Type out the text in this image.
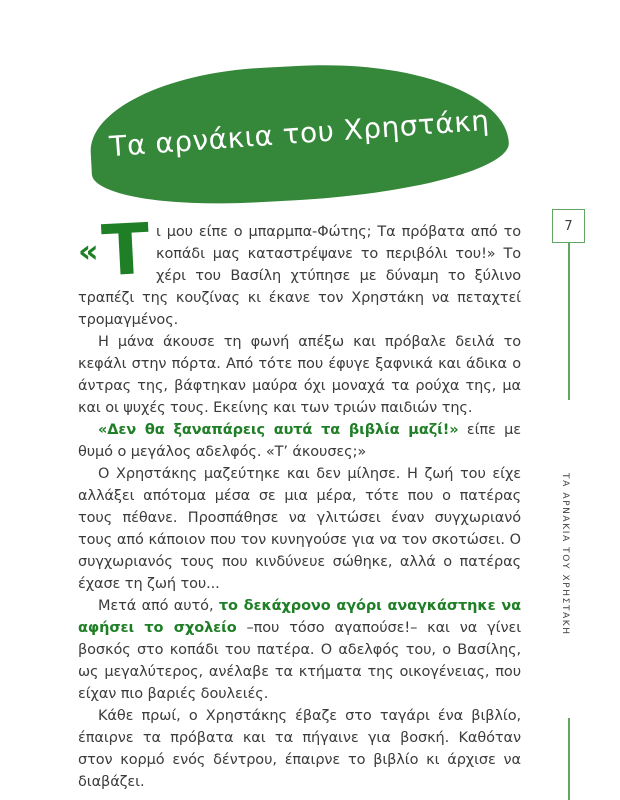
Τα αρνάκια του Χρηστάκη

« Τ ι μου είπε ο μπαρμπα-Φώτης; Τα πρόβατα από το κοπάδι μας καταστρέψανε το περιβόλι του!» Το χέρι του Βασίλη χτύπησε με δύναμη το ξύλινο τραπέζι της κουζίνας κι έκανε τον Χρηστάκη να πεταχτεί τρομαγμένος.

Η μάνα άκουσε τη φωνή απέξω και πρόβαλε δειλά το κεφάλι στην πόρτα. Από τότε που έφυγε ξαφνικά και άδικα ο άντρας της, βάφτηκαν μαύρα όχι μοναχά τα ρούχα της, μα και οι ψυχές τους. Εκείνης και των τριών παιδιών της.

«Δεν θα ξαναπάρεις αυτά τα βιβλία μαζί!» είπε με θυμό ο μεγάλος αδελφός. «Τ’ άκουσες;»

Ο Χρηστάκης μαζεύτηκε και δεν μίλησε. Η ζωή του είχε αλλάξει απότομα μέσα σε μια μέρα, τότε που ο πατέρας τους πέθανε. Προσπάθησε να γλιτώσει έναν συγχωριανό τους από κάποιον που τον κυνηγούσε για να τον σκοτώσει. Ο συγχωριανός τους που κινδύνευε σώθηκε, αλλά ο πατέρας έχασε τη ζωή του...

Μετά από αυτό, το δεκάχρονο αγόρι αναγκάστηκε να αφήσει το σχολείο –που τόσο αγαπούσε!– και να γίνει βοσκός στο κοπάδι του πατέρα. Ο αδελφός του, ο Βασίλης, ως μεγαλύτερος, ανέλαβε τα κτήματα της οικογένειας, που είχαν πιο βαριές δουλειές.

Κάθε πρωί, ο Χρηστάκης έβαζε στο ταγάρι ένα βιβλίο, έπαιρνε τα πρόβατα και τα πήγαινε για βοσκή. Καθόταν στον κορμό ενός δέντρου, έπαιρνε το βιβλίο κι άρχισε να διαβάζει.

7
ΤΑ ΑΡΝΑΚΙΑ ΤΟΥ ΧΡΗΣΤΑΚΗ
